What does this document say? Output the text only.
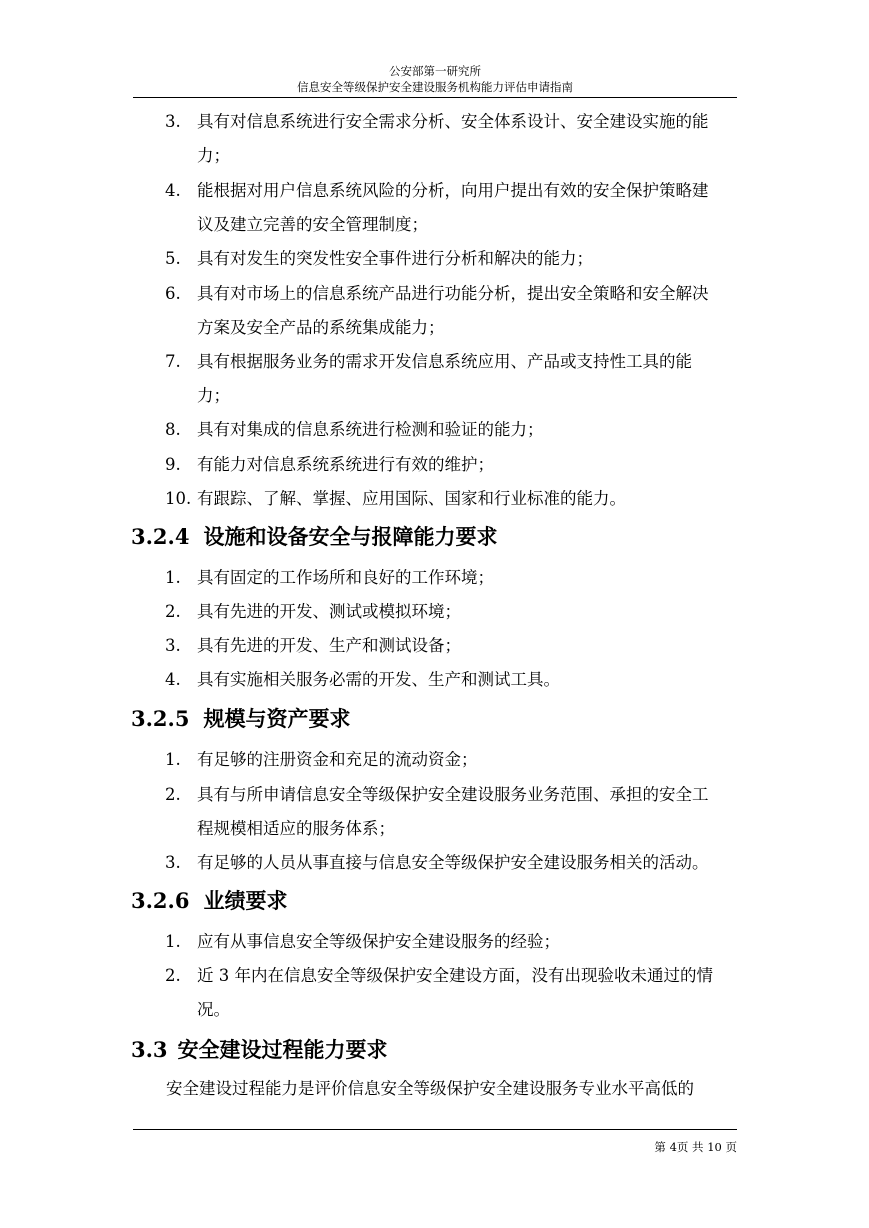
公安部第一研究所
信息安全等级保护安全建设服务机构能力评估申请指南
3. 具有对信息系统进行安全需求分析、安全体系设计、安全建设实施的能
力；
4. 能根据对用户信息系统风险的分析，向用户提出有效的安全保护策略建
议及建立完善的安全管理制度；
5. 具有对发生的突发性安全事件进行分析和解决的能力；
6. 具有对市场上的信息系统产品进行功能分析，提出安全策略和安全解决
方案及安全产品的系统集成能力；
7. 具有根据服务业务的需求开发信息系统应用、产品或支持性工具的能
力；
8. 具有对集成的信息系统进行检测和验证的能力；
9. 有能力对信息系统系统进行有效的维护；
10. 有跟踪、了解、掌握、应用国际、国家和行业标准的能力。
3.2.4 设施和设备安全与报障能力要求
1. 具有固定的工作场所和良好的工作环境；
2. 具有先进的开发、测试或模拟环境；
3. 具有先进的开发、生产和测试设备；
4. 具有实施相关服务必需的开发、生产和测试工具。
3.2.5 规模与资产要求
1. 有足够的注册资金和充足的流动资金；
2. 具有与所申请信息安全等级保护安全建设服务业务范围、承担的安全工
程规模相适应的服务体系；
3. 有足够的人员从事直接与信息安全等级保护安全建设服务相关的活动。
3.2.6 业绩要求
1. 应有从事信息安全等级保护安全建设服务的经验；
2. 近 3 年内在信息安全等级保护安全建设方面，没有出现验收未通过的情
况。
3.3 安全建设过程能力要求
安全建设过程能力是评价信息安全等级保护安全建设服务专业水平高低的
第 4页 共 10 页
